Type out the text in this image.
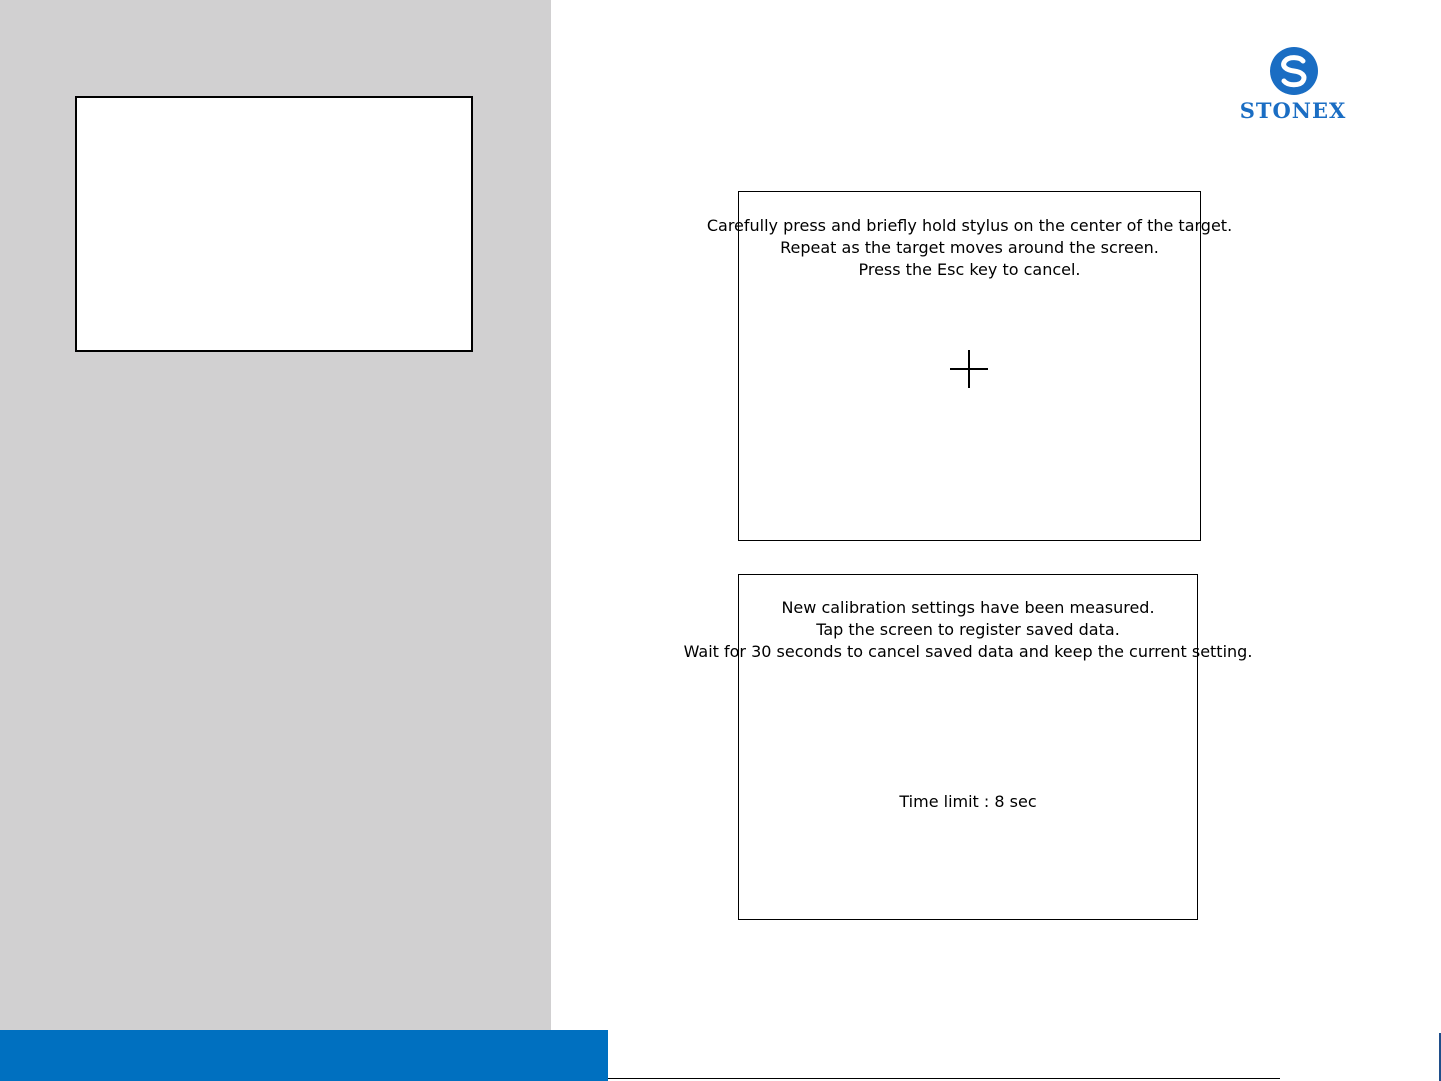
STONEX
Carefully press and briefly hold stylus on the center of the target.
Repeat as the target moves around the screen.
Press the Esc key to cancel.
New calibration settings have been measured.
Tap the screen to register saved data.
Wait for 30 seconds to cancel saved data and keep the current setting.
Time limit : 8 sec
